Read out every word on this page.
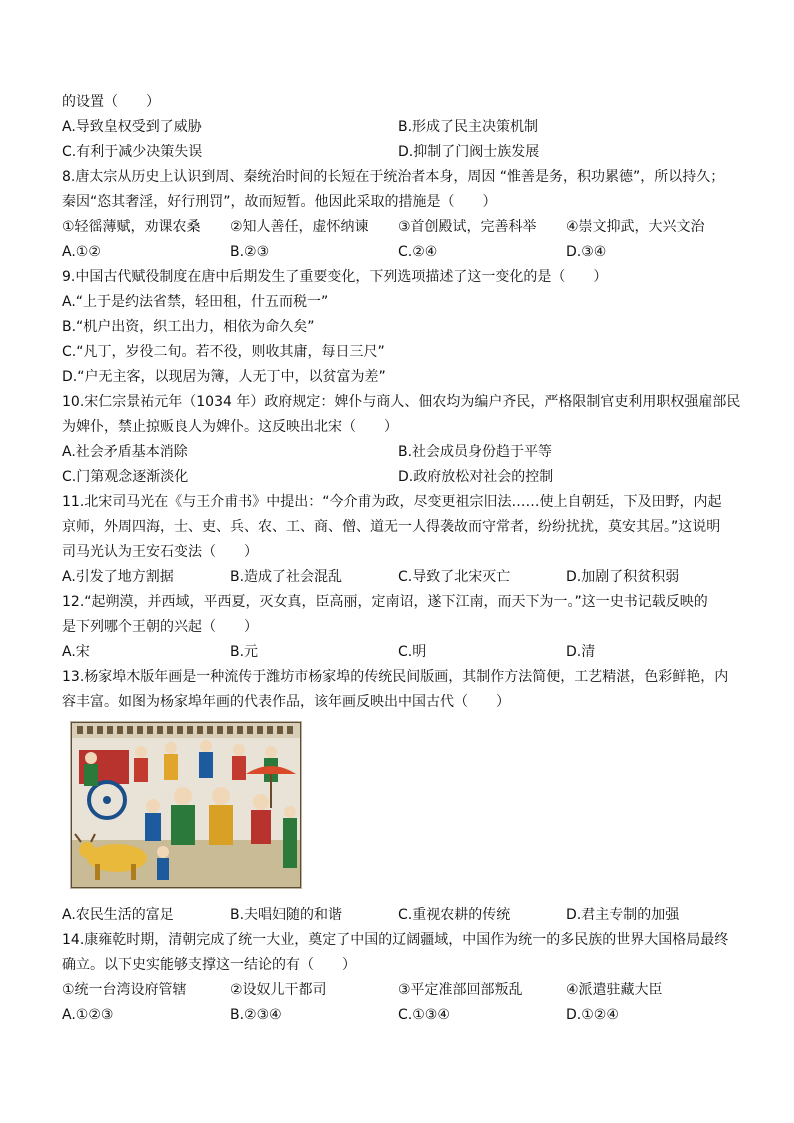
的设置（　　）
A.导致皇权受到了威胁	B.形成了民主决策机制
C.有利于减少决策失误	D.抑制了门阀士族发展
8.唐太宗从历史上认识到周、秦统治时间的长短在于统治者本身，周因 “惟善是务，积功累德”，所以持久；
秦因“恣其奢淫，好行刑罚”，故而短暂。他因此采取的措施是（　　）
①轻徭薄赋，劝课农桑	②知人善任，虚怀纳谏	③首创殿试，完善科举	④崇文抑武，大兴文治
A.①②	B.②③	C.②④	D.③④
9.中国古代赋役制度在唐中后期发生了重要变化，下列选项描述了这一变化的是（　　）
A.“上于是约法省禁，轻田租，什五而税一”
B.“机户出资，织工出力，相依为命久矣”
C.“凡丁，岁役二旬。若不役，则收其庸，每日三尺”
D.“户无主客，以现居为簿，人无丁中，以贫富为差”
10.宋仁宗景祐元年（1034 年）政府规定：婢仆与商人、佃农均为编户齐民，严格限制官吏利用职权强雇部民
为婢仆，禁止掠贩良人为婢仆。这反映出北宋（　　）
A.社会矛盾基本消除	B.社会成员身份趋于平等
C.门第观念逐渐淡化	D.政府放松对社会的控制
11.北宋司马光在《与王介甫书》中提出：“今介甫为政，尽变更祖宗旧法……使上自朝廷，下及田野，内起
京师，外周四海，士、吏、兵、农、工、商、僧、道无一人得袭故而守常者，纷纷扰扰，莫安其居。”这说明
司马光认为王安石变法（　　）
A.引发了地方割据	B.造成了社会混乱	C.导致了北宋灭亡	D.加剧了积贫积弱
12.“起朔漠，并西域，平西夏，灭女真，臣高丽，定南诏，遂下江南，而天下为一。”这一史书记载反映的
是下列哪个王朝的兴起（　　）
A.宋	B.元	C.明	D.清
13.杨家埠木版年画是一种流传于潍坊市杨家埠的传统民间版画，其制作方法简便，工艺精湛，色彩鲜艳，内
容丰富。如图为杨家埠年画的代表作品，该年画反映出中国古代（　　）
A.农民生活的富足	B.夫唱妇随的和谐	C.重视农耕的传统	D.君主专制的加强
14.康雍乾时期，清朝完成了统一大业，奠定了中国的辽阔疆域，中国作为统一的多民族的世界大国格局最终
确立。以下史实能够支撑这一结论的有（　　）
①统一台湾设府管辖	②设奴儿干都司	③平定准部回部叛乱	④派遣驻藏大臣
A.①②③	B.②③④	C.①③④	D.①②④
